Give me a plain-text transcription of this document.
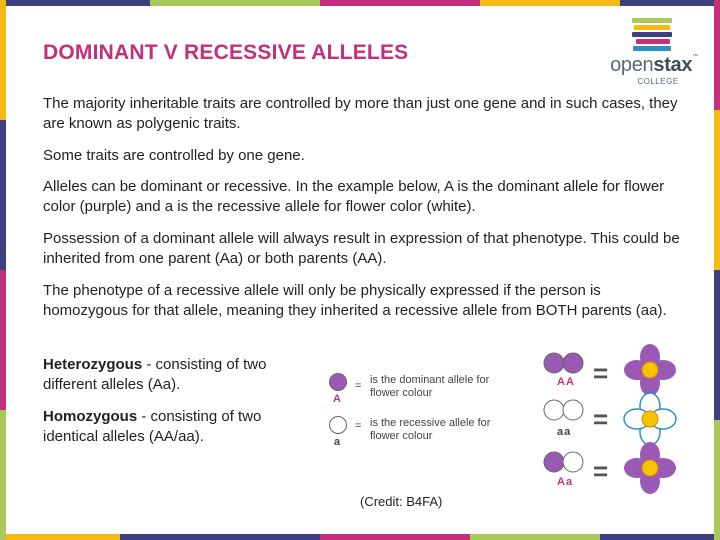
DOMINANT V RECESSIVE ALLELES
openstax™
COLLEGE

The majority inheritable traits are controlled by more than just one gene and in such cases, they are known as polygenic traits.

Some traits are controlled by one gene.

Alleles can be dominant or recessive. In the example below, A is the dominant allele for flower color (purple) and a is the recessive allele for flower color (white).

Possession of a dominant allele will always result in expression of that phenotype. This could be inherited from one parent (Aa) or both parents (AA).

The phenotype of a recessive allele will only be physically expressed if the person is homozygous for that allele, meaning they inherited a recessive allele from BOTH parents (aa).

Heterozygous - consisting of two different alleles (Aa).
Homozygous - consisting of two identical alleles (AA/aa).
A
= is the dominant allele for flower colour
a
= is the recessive allele for flower colour
AA =
aa =
Aa =
(Credit: B4FA)
